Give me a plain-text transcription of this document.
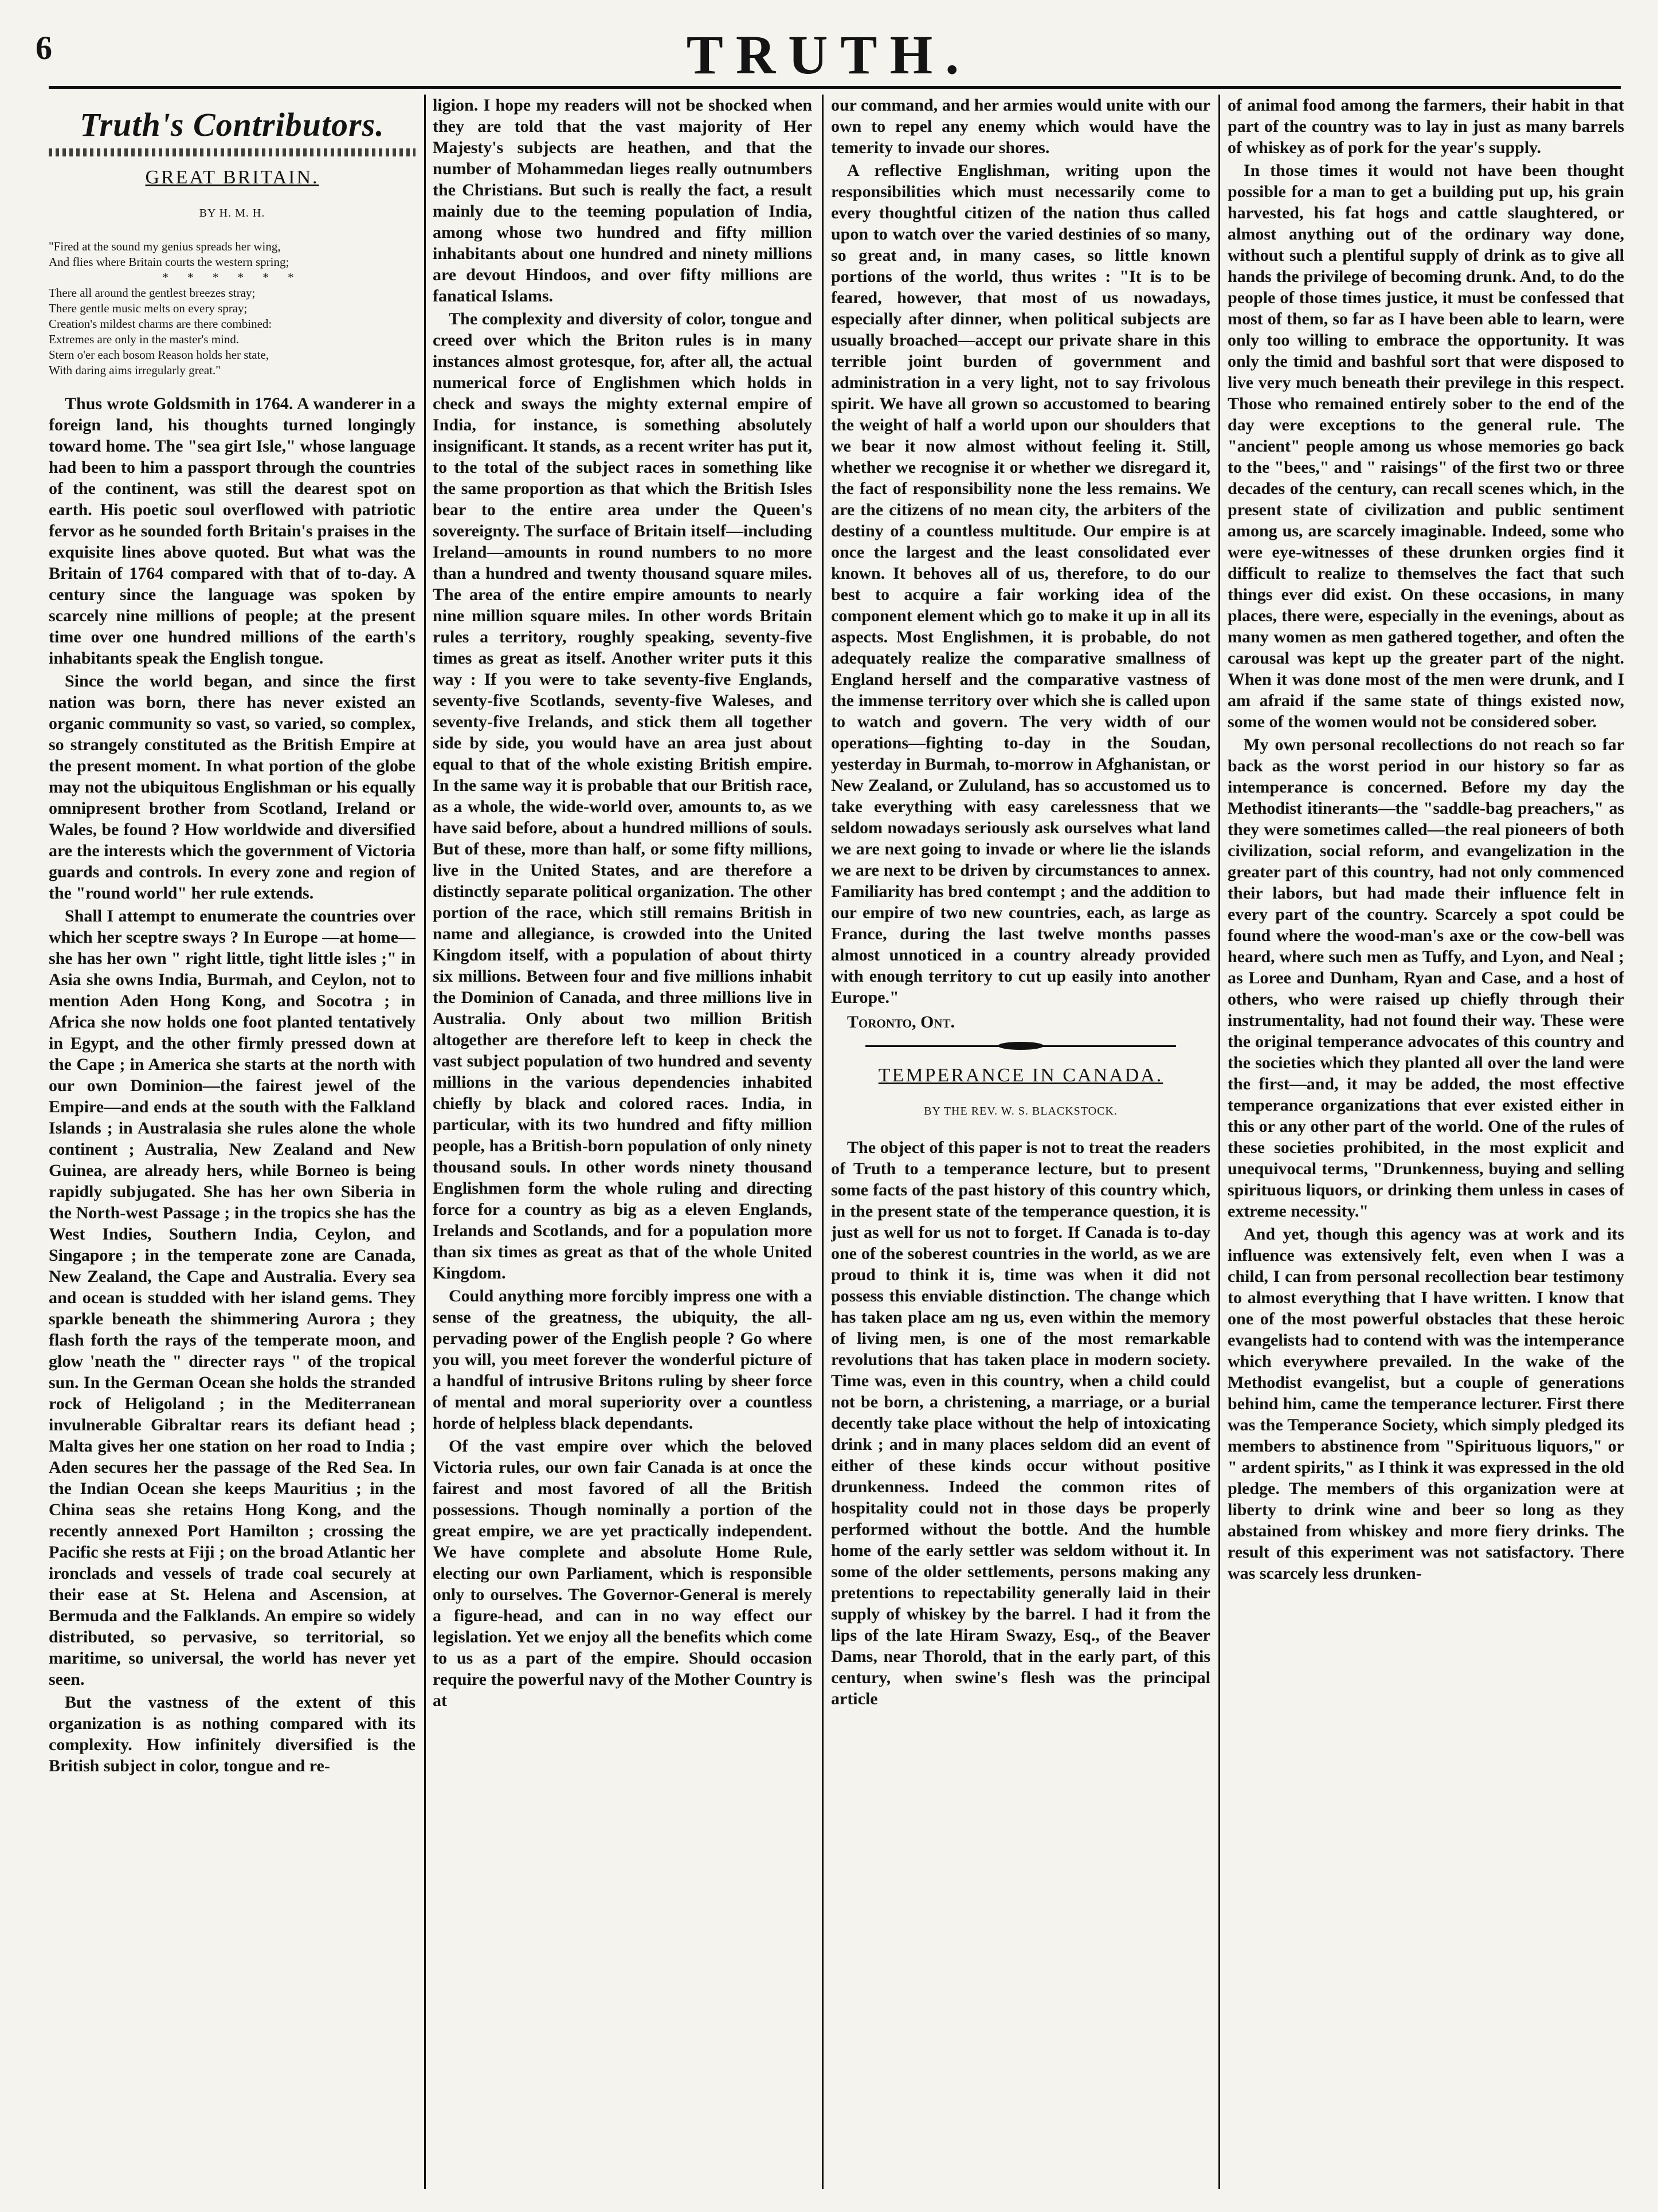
6	TRUTH.
Truth's Contributors.
GREAT BRITAIN.
BY H. M. H.
"Fired at the sound my genius spreads her wing,
And flies where Britain courts the western spring;
* * * * * *
There all around the gentlest breezes stray;
There gentle music melts on every spray;
Creation's mildest charms are there combined:
Extremes are only in the master's mind.
Stern o'er each bosom Reason holds her state,
With daring aims irregularly great."

Thus wrote Goldsmith in 1764. A wanderer in a foreign land, his thoughts turned longingly toward home. The "sea girt Isle," whose language had been to him a passport through the countries of the continent, was still the dearest spot on earth. His poetic soul overflowed with patriotic fervor as he sounded forth Britain's praises in the exquisite lines above quoted. But what was the Britain of 1764 compared with that of to-day. A century since the language was spoken by scarcely nine millions of people; at the present time over one hundred millions of the earth's inhabitants speak the English tongue.

Since the world began, and since the first nation was born, there has never existed an organic community so vast, so varied, so complex, so strangely constituted as the British Empire at the present moment. In what portion of the globe may not the ubiquitous Englishman or his equally omnipresent brother from Scotland, Ireland or Wales, be found ? How worldwide and diversified are the interests which the government of Victoria guards and controls. In every zone and region of the "round world" her rule extends.

Shall I attempt to enumerate the countries over which her sceptre sways ? In Europe —at home—she has her own " right little, tight little isles ;" in Asia she owns India, Burmah, and Ceylon, not to mention Aden Hong Kong, and Socotra ; in Africa she now holds one foot planted tentatively in Egypt, and the other firmly pressed down at the Cape ; in America she starts at the north with our own Dominion—the fairest jewel of the Empire—and ends at the south with the Falkland Islands ; in Australasia she rules alone the whole continent ; Australia, New Zealand and New Guinea, are already hers, while Borneo is being rapidly subjugated. She has her own Siberia in the North-west Passage ; in the tropics she has the West Indies, Southern India, Ceylon, and Singapore ; in the temperate zone are Canada, New Zealand, the Cape and Australia. Every sea and ocean is studded with her island gems. They sparkle beneath the shimmering Aurora ; they flash forth the rays of the temperate moon, and glow 'neath the " directer rays " of the tropical sun. In the German Ocean she holds the stranded rock of Heligoland ; in the Mediterranean invulnerable Gibraltar rears its defiant head ; Malta gives her one station on her road to India ; Aden secures her the passage of the Red Sea. In the Indian Ocean she keeps Mauritius ; in the China seas she retains Hong Kong, and the recently annexed Port Hamilton ; crossing the Pacific she rests at Fiji ; on the broad Atlantic her ironclads and vessels of trade coal securely at their ease at St. Helena and Ascension, at Bermuda and the Falklands. An empire so widely distributed, so pervasive, so territorial, so maritime, so universal, the world has never yet seen.

But the vastness of the extent of this organization is as nothing compared with its complexity. How infinitely diversified is the British subject in color, tongue and re-

ligion. I hope my readers will not be shocked when they are told that the vast majority of Her Majesty's subjects are heathen, and that the number of Mohammedan lieges really outnumbers the Christians. But such is really the fact, a result mainly due to the teeming population of India, among whose two hundred and fifty million inhabitants about one hundred and ninety millions are devout Hindoos, and over fifty millions are fanatical Islams.

The complexity and diversity of color, tongue and creed over which the Briton rules is in many instances almost grotesque, for, after all, the actual numerical force of Englishmen which holds in check and sways the mighty external empire of India, for instance, is something absolutely insignificant. It stands, as a recent writer has put it, to the total of the subject races in something like the same proportion as that which the British Isles bear to the entire area under the Queen's sovereignty. The surface of Britain itself—including Ireland—amounts in round numbers to no more than a hundred and twenty thousand square miles. The area of the entire empire amounts to nearly nine million square miles. In other words Britain rules a territory, roughly speaking, seventy-five times as great as itself. Another writer puts it this way : If you were to take seventy-five Englands, seventy-five Scotlands, seventy-five Waleses, and seventy-five Irelands, and stick them all together side by side, you would have an area just about equal to that of the whole existing British empire. In the same way it is probable that our British race, as a whole, the wide-world over, amounts to, as we have said before, about a hundred millions of souls. But of these, more than half, or some fifty millions, live in the United States, and are therefore a distinctly separate political organization. The other portion of the race, which still remains British in name and allegiance, is crowded into the United Kingdom itself, with a population of about thirty six millions. Between four and five millions inhabit the Dominion of Canada, and three millions live in Australia. Only about two million British altogether are therefore left to keep in check the vast subject population of two hundred and seventy millions in the various dependencies inhabited chiefly by black and colored races. India, in particular, with its two hundred and fifty million people, has a British-born population of only ninety thousand souls. In other words ninety thousand Englishmen form the whole ruling and directing force for a country as big as a eleven Englands, Irelands and Scotlands, and for a population more than six times as great as that of the whole United Kingdom.

Could anything more forcibly impress one with a sense of the greatness, the ubiquity, the all-pervading power of the English people ? Go where you will, you meet forever the wonderful picture of a handful of intrusive Britons ruling by sheer force of mental and moral superiority over a countless horde of helpless black dependants.

Of the vast empire over which the beloved Victoria rules, our own fair Canada is at once the fairest and most favored of all the British possessions. Though nominally a portion of the great empire, we are yet practically independent. We have complete and absolute Home Rule, electing our own Parliament, which is responsible only to ourselves. The Governor-General is merely a figure-head, and can in no way effect our legislation. Yet we enjoy all the benefits which come to us as a part of the empire. Should occasion require the powerful navy of the Mother Country is at

our command, and her armies would unite with our own to repel any enemy which would have the temerity to invade our shores.

A reflective Englishman, writing upon the responsibilities which must necessarily come to every thoughtful citizen of the nation thus called upon to watch over the varied destinies of so many, so great and, in many cases, so little known portions of the world, thus writes : "It is to be feared, however, that most of us nowadays, especially after dinner, when political subjects are usually broached—accept our private share in this terrible joint burden of government and administration in a very light, not to say frivolous spirit. We have all grown so accustomed to bearing the weight of half a world upon our shoulders that we bear it now almost without feeling it. Still, whether we recognise it or whether we disregard it, the fact of responsibility none the less remains. We are the citizens of no mean city, the arbiters of the destiny of a countless multitude. Our empire is at once the largest and the least consolidated ever known. It behoves all of us, therefore, to do our best to acquire a fair working idea of the component element which go to make it up in all its aspects. Most Englishmen, it is probable, do not adequately realize the comparative smallness of England herself and the comparative vastness of the immense territory over which she is called upon to watch and govern. The very width of our operations—fighting to-day in the Soudan, yesterday in Burmah, to-morrow in Afghanistan, or New Zealand, or Zululand, has so accustomed us to take everything with easy carelessness that we seldom nowadays seriously ask ourselves what land we are next going to invade or where lie the islands we are next to be driven by circumstances to annex. Familiarity has bred contempt ; and the addition to our empire of two new countries, each, as large as France, during the last twelve months passes almost unnoticed in a country already provided with enough territory to cut up easily into another Europe."

Toronto, Ont.
TEMPERANCE IN CANADA.
BY THE REV. W. S. BLACKSTOCK.

The object of this paper is not to treat the readers of Truth to a temperance lecture, but to present some facts of the past history of this country which, in the present state of the temperance question, it is just as well for us not to forget. If Canada is to-day one of the soberest countries in the world, as we are proud to think it is, time was when it did not possess this enviable distinction. The change which has taken place am ng us, even within the memory of living men, is one of the most remarkable revolutions that has taken place in modern society. Time was, even in this country, when a child could not be born, a christening, a marriage, or a burial decently take place without the help of intoxicating drink ; and in many places seldom did an event of either of these kinds occur without positive drunkenness. Indeed the common rites of hospitality could not in those days be properly performed without the bottle. And the humble home of the early settler was seldom without it. In some of the older settlements, persons making any pretentions to repectability generally laid in their supply of whiskey by the barrel. I had it from the lips of the late Hiram Swazy, Esq., of the Beaver Dams, near Thorold, that in the early part, of this century, when swine's flesh was the principal article

of animal food among the farmers, their habit in that part of the country was to lay in just as many barrels of whiskey as of pork for the year's supply.

In those times it would not have been thought possible for a man to get a building put up, his grain harvested, his fat hogs and cattle slaughtered, or almost anything out of the ordinary way done, without such a plentiful supply of drink as to give all hands the privilege of becoming drunk. And, to do the people of those times justice, it must be confessed that most of them, so far as I have been able to learn, were only too willing to embrace the opportunity. It was only the timid and bashful sort that were disposed to live very much beneath their previlege in this respect. Those who remained entirely sober to the end of the day were exceptions to the general rule. The "ancient" people among us whose memories go back to the "bees," and " raisings" of the first two or three decades of the century, can recall scenes which, in the present state of civilization and public sentiment among us, are scarcely imaginable. Indeed, some who were eye-witnesses of these drunken orgies find it difficult to realize to themselves the fact that such things ever did exist. On these occasions, in many places, there were, especially in the evenings, about as many women as men gathered together, and often the carousal was kept up the greater part of the night. When it was done most of the men were drunk, and I am afraid if the same state of things existed now, some of the women would not be considered sober.

My own personal recollections do not reach so far back as the worst period in our history so far as intemperance is concerned. Before my day the Methodist itinerants—the "saddle-bag preachers," as they were sometimes called—the real pioneers of both civilization, social reform, and evangelization in the greater part of this country, had not only commenced their labors, but had made their influence felt in every part of the country. Scarcely a spot could be found where the wood-man's axe or the cow-bell was heard, where such men as Tuffy, and Lyon, and Neal ; as Loree and Dunham, Ryan and Case, and a host of others, who were raised up chiefly through their instrumentality, had not found their way. These were the original temperance advocates of this country and the societies which they planted all over the land were the first—and, it may be added, the most effective temperance organizations that ever existed either in this or any other part of the world. One of the rules of these societies prohibited, in the most explicit and unequivocal terms, "Drunkenness, buying and selling spirituous liquors, or drinking them unless in cases of extreme necessity."

And yet, though this agency was at work and its influence was extensively felt, even when I was a child, I can from personal recollection bear testimony to almost everything that I have written. I know that one of the most powerful obstacles that these heroic evangelists had to contend with was the intemperance which everywhere prevailed. In the wake of the Methodist evangelist, but a couple of generations behind him, came the temperance lecturer. First there was the Temperance Society, which simply pledged its members to abstinence from "Spirituous liquors," or " ardent spirits," as I think it was expressed in the old pledge. The members of this organization were at liberty to drink wine and beer so long as they abstained from whiskey and more fiery drinks. The result of this experiment was not satisfactory. There was scarcely less drunken-
